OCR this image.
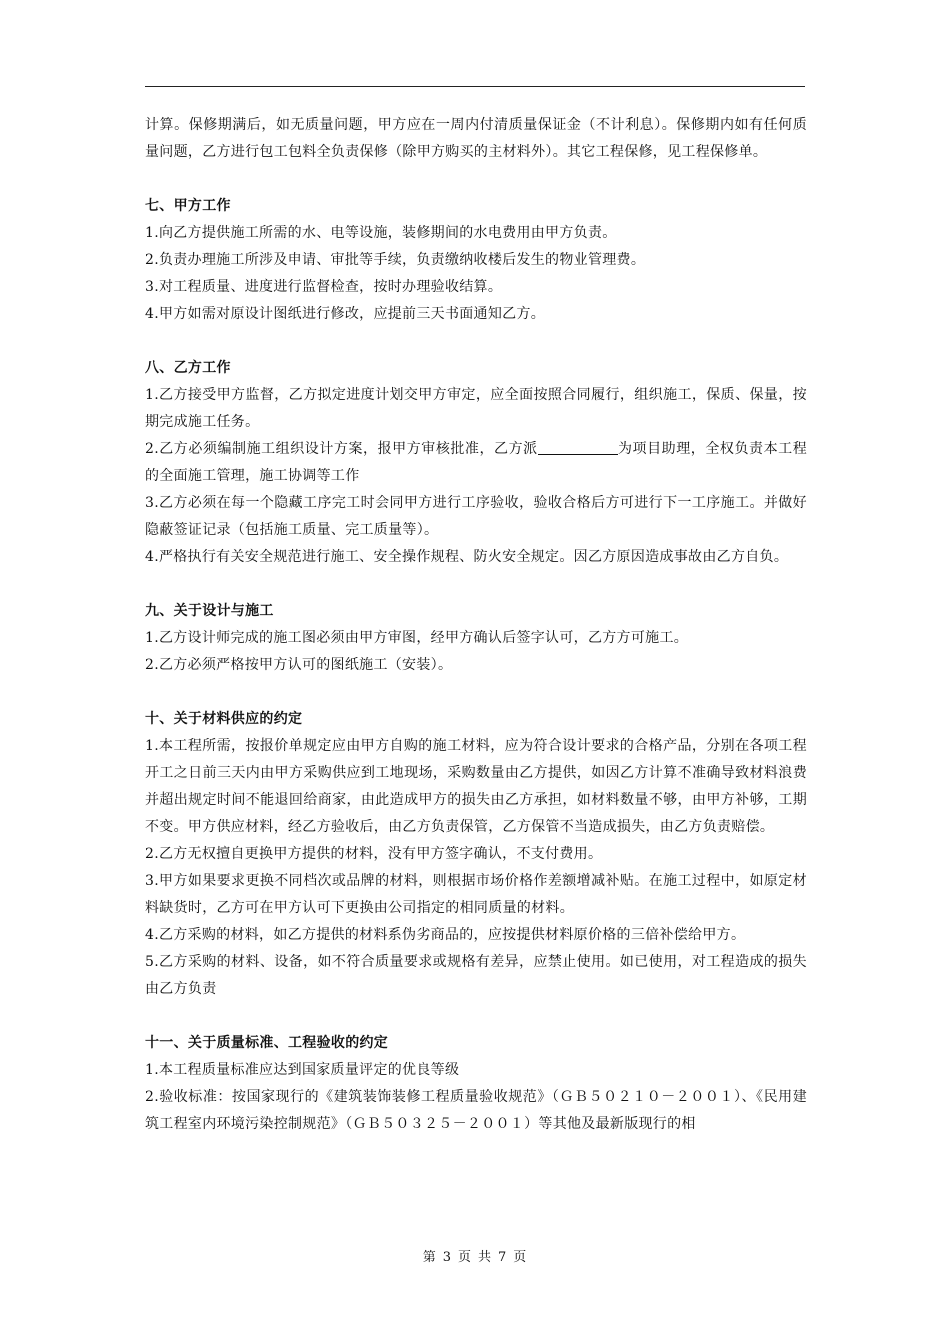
计算。保修期满后，如无质量问题，甲方应在一周内付清质量保证金（不计利息）。保修期内如有任何质量问题，乙方进行包工包料全负责保修（除甲方购买的主材料外）。其它工程保修，见工程保修单。

七、甲方工作

1.向乙方提供施工所需的水、电等设施，装修期间的水电费用由甲方负责。

2.负责办理施工所涉及申请、审批等手续，负责缴纳收楼后发生的物业管理费。

3.对工程质量、进度进行监督检查，按时办理验收结算。

4.甲方如需对原设计图纸进行修改，应提前三天书面通知乙方。

八、乙方工作

1.乙方接受甲方监督，乙方拟定进度计划交甲方审定，应全面按照合同履行，组织施工，保质、保量，按期完成施工任务。

2.乙方必须编制施工组织设计方案，报甲方审核批准，乙方派	为项目助理，全权负责本工程的全面施工管理，施工协调等工作

3.乙方必须在每一个隐藏工序完工时会同甲方进行工序验收，验收合格后方可进行下一工序施工。并做好隐蔽签证记录（包括施工质量、完工质量等）。

4.严格执行有关安全规范进行施工、安全操作规程、防火安全规定。因乙方原因造成事故由乙方自负。

九、关于设计与施工

1.乙方设计师完成的施工图必须由甲方审图，经甲方确认后签字认可，乙方方可施工。

2.乙方必须严格按甲方认可的图纸施工（安装）。

十、关于材料供应的约定

1.本工程所需，按报价单规定应由甲方自购的施工材料，应为符合设计要求的合格产品，分别在各项工程开工之日前三天内由甲方采购供应到工地现场，采购数量由乙方提供，如因乙方计算不准确导致材料浪费并超出规定时间不能退回给商家，由此造成甲方的损失由乙方承担，如材料数量不够，由甲方补够，工期不变。甲方供应材料，经乙方验收后，由乙方负责保管，乙方保管不当造成损失，由乙方负责赔偿。

2.乙方无权擅自更换甲方提供的材料，没有甲方签字确认，不支付费用。

3.甲方如果要求更换不同档次或品牌的材料，则根据市场价格作差额增减补贴。在施工过程中，如原定材料缺货时，乙方可在甲方认可下更换由公司指定的相同质量的材料。

4.乙方采购的材料，如乙方提供的材料系伪劣商品的，应按提供材料原价格的三倍补偿给甲方。

5.乙方采购的材料、设备，如不符合质量要求或规格有差异，应禁止使用。如已使用，对工程造成的损失由乙方负责

十一、关于质量标准、工程验收的约定

1.本工程质量标准应达到国家质量评定的优良等级

2.验收标准：按国家现行的《建筑装饰装修工程质量验收规范》（ＧＢ５０２１０－２００１）、《民用建筑工程室内环境污染控制规范》（ＧＢ５０３２５－２００１）等其他及最新版现行的相

第 3 页 共 7 页
